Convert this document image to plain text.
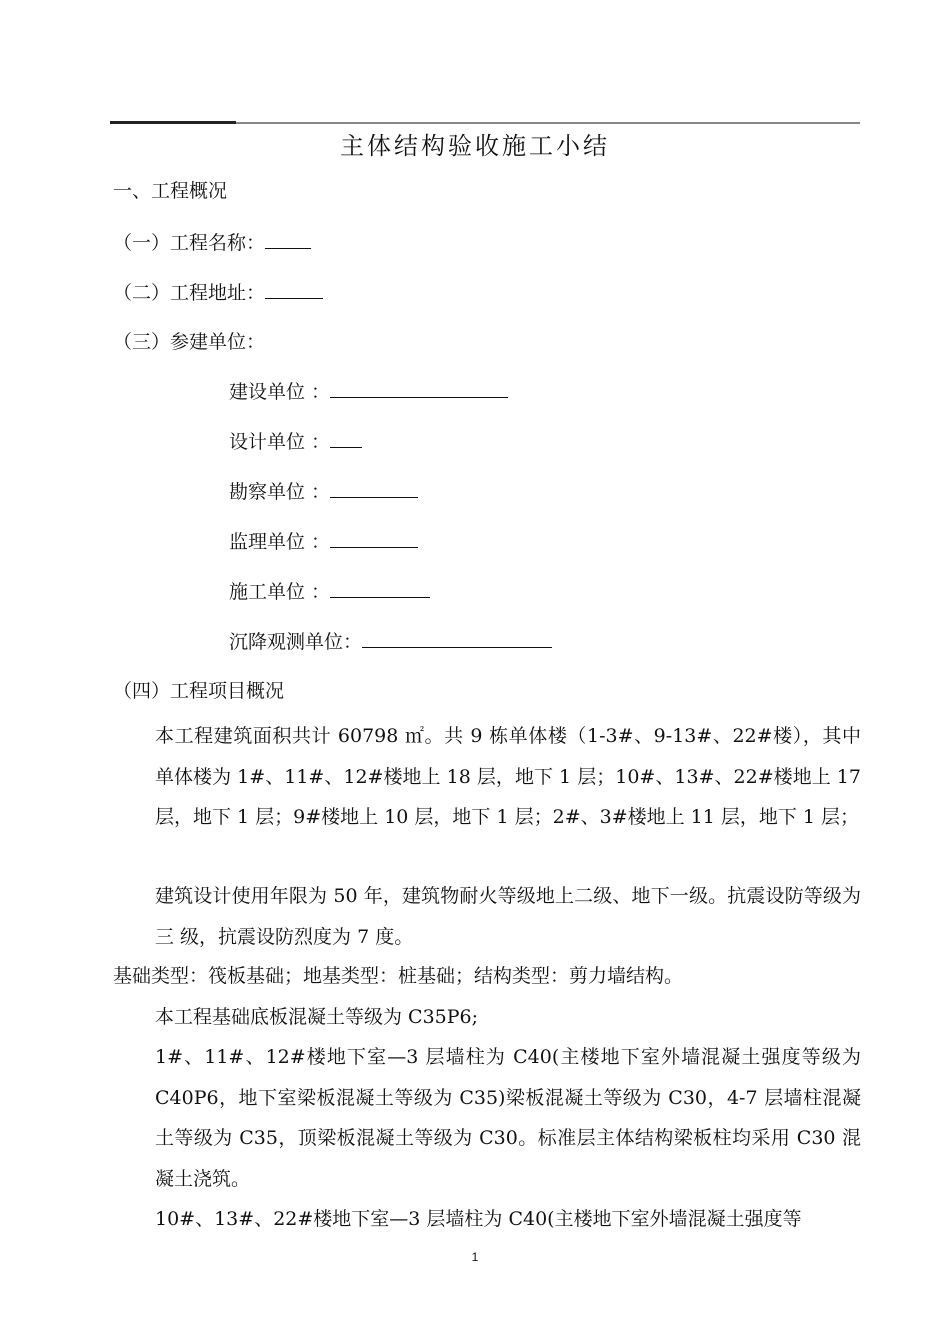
主体结构验收施工小结
一、工程概况
（一）工程名称：
（二）工程地址：
（三）参建单位：
建设单位 ：
设计单位 ：
勘察单位 ：
监理单位 ：
施工单位 ：
沉降观测单位：
（四）工程项目概况
本工程建筑面积共计 60798 ㎡。共 9 栋单体楼（1-3#、9-13#、22#楼），其中单体楼为 1#、11#、12#楼地上 18 层，地下 1 层；10#、13#、22#楼地上 17 层，地下 1 层；9#楼地上 10 层，地下 1 层；2#、3#楼地上 11 层，地下 1 层；
建筑设计使用年限为 50 年，建筑物耐火等级地上二级、地下一级。抗震设防等级为 三 级，抗震设防烈度为 7 度。
基础类型：筏板基础；地基类型：桩基础；结构类型：剪力墙结构。
本工程基础底板混凝土等级为 C35P6;
1#、11#、12#楼地下室—3 层墙柱为 C40(主楼地下室外墙混凝土强度等级为 C40P6，地下室梁板混凝土等级为 C35)梁板混凝土等级为 C30，4-7 层墙柱混凝土等级为 C35，顶梁板混凝土等级为 C30。标准层主体结构梁板柱均采用 C30 混凝土浇筑。
10#、13#、22#楼地下室—3 层墙柱为 C40(主楼地下室外墙混凝土强度等
1
